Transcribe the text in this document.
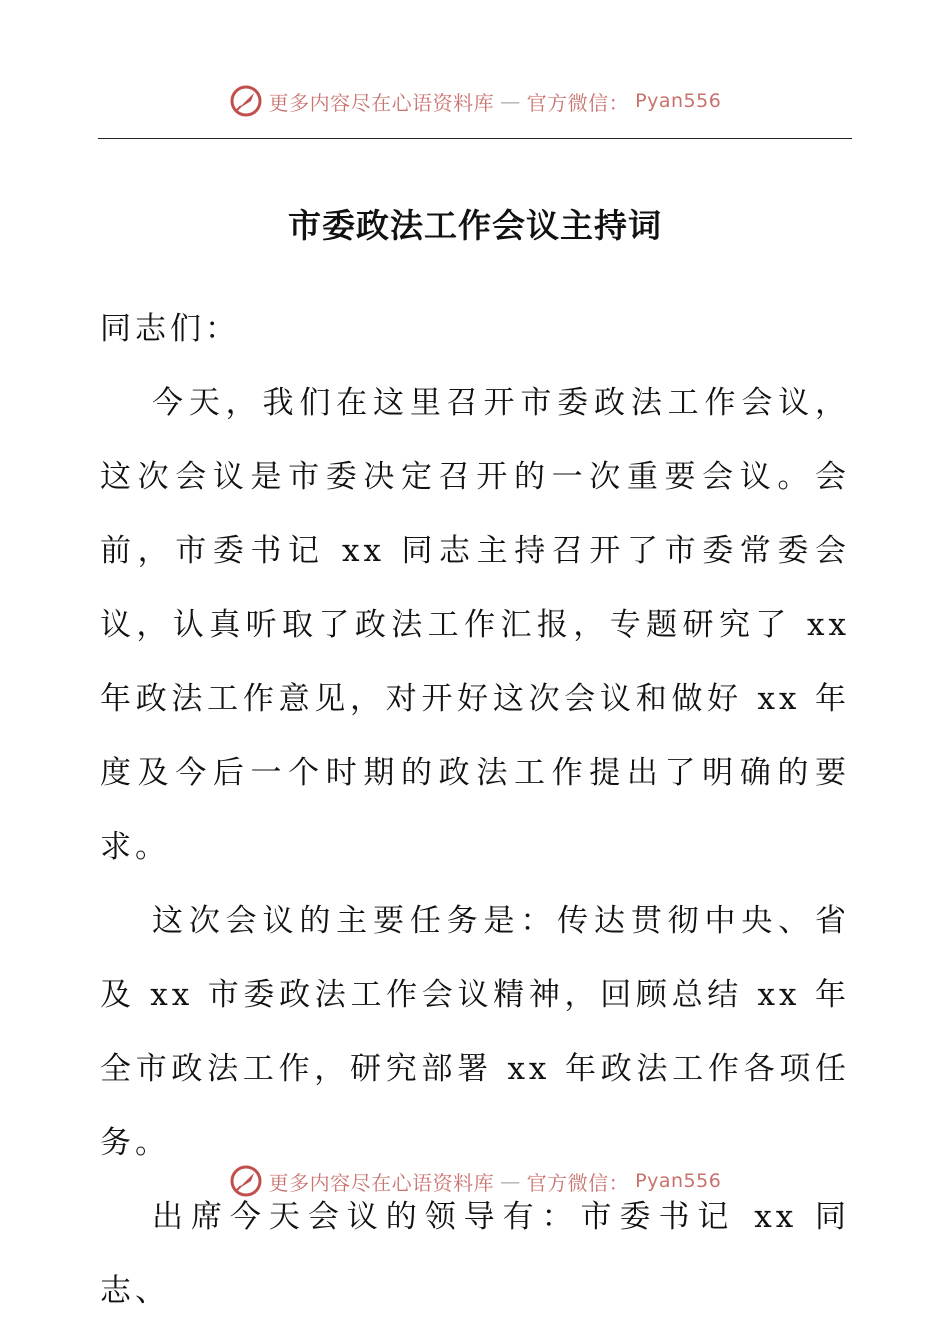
更多内容尽在心语资料库 — 官方微信： Pyan556
市委政法工作会议主持词

同志们：

今天，我们在这里召开市委政法工作会议，这次会议是市委决定召开的一次重要会议。会前，市委书记 xx 同志主持召开了市委常委会议，认真听取了政法工作汇报，专题研究了 xx 年政法工作意见，对开好这次会议和做好 xx 年度及今后一个时期的政法工作提出了明确的要求。

这次会议的主要任务是：传达贯彻中央、省及 xx 市委政法工作会议精神，回顾总结 xx 年全市政法工作，研究部署 xx 年政法工作各项任务。

出席今天会议的领导有：市委书记 xx 同志、

更多内容尽在心语资料库 — 官方微信： Pyan556
